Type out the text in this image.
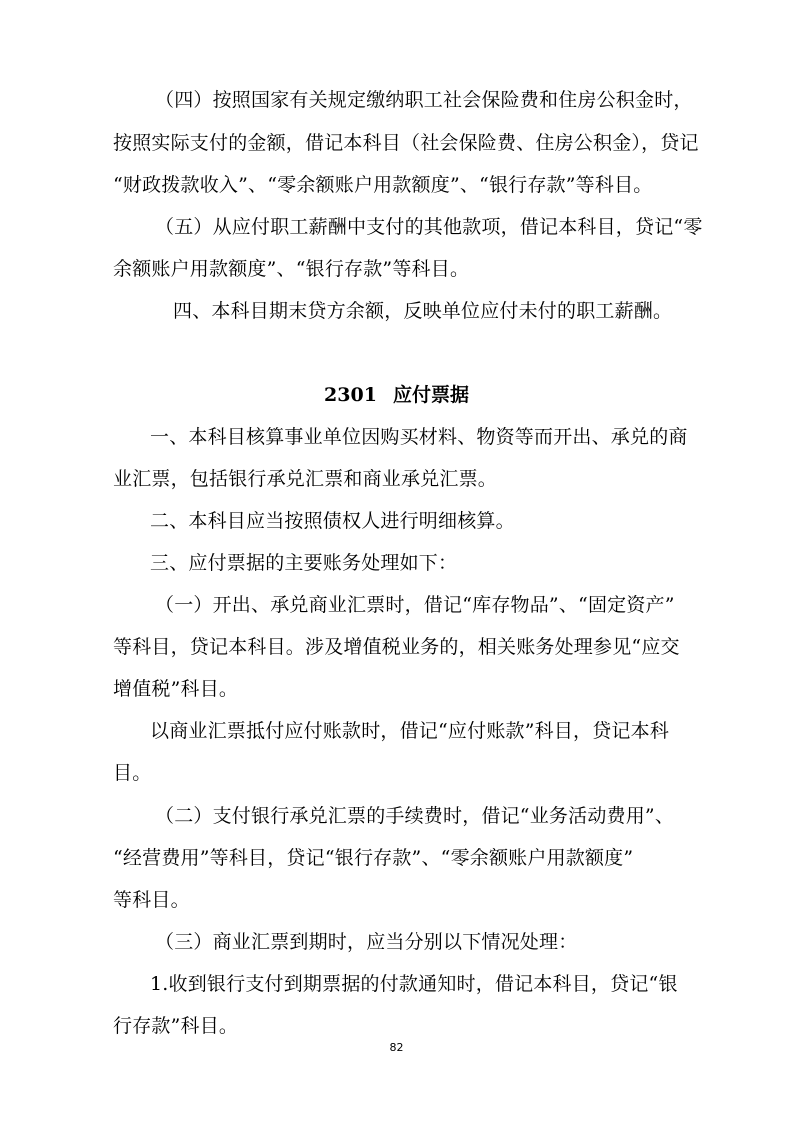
（四）按照国家有关规定缴纳职工社会保险费和住房公积金时，
按照实际支付的金额，借记本科目（社会保险费、住房公积金），贷记
“财政拨款收入”、“零余额账户用款额度”、“银行存款”等科目。
（五）从应付职工薪酬中支付的其他款项，借记本科目，贷记“零
余额账户用款额度”、“银行存款”等科目。
四、本科目期末贷方余额，反映单位应付未付的职工薪酬。
2301 应付票据
一、本科目核算事业单位因购买材料、物资等而开出、承兑的商
业汇票，包括银行承兑汇票和商业承兑汇票。
二、本科目应当按照债权人进行明细核算。
三、应付票据的主要账务处理如下：
（一）开出、承兑商业汇票时，借记“库存物品”、“固定资产”
等科目，贷记本科目。涉及增值税业务的，相关账务处理参见“应交
增值税”科目。
以商业汇票抵付应付账款时，借记“应付账款”科目，贷记本科
目。
（二）支付银行承兑汇票的手续费时，借记“业务活动费用”、
“经营费用”等科目，贷记“银行存款”、“零余额账户用款额度”
等科目。
（三）商业汇票到期时，应当分别以下情况处理：
1.收到银行支付到期票据的付款通知时，借记本科目，贷记“银
行存款”科目。
82
